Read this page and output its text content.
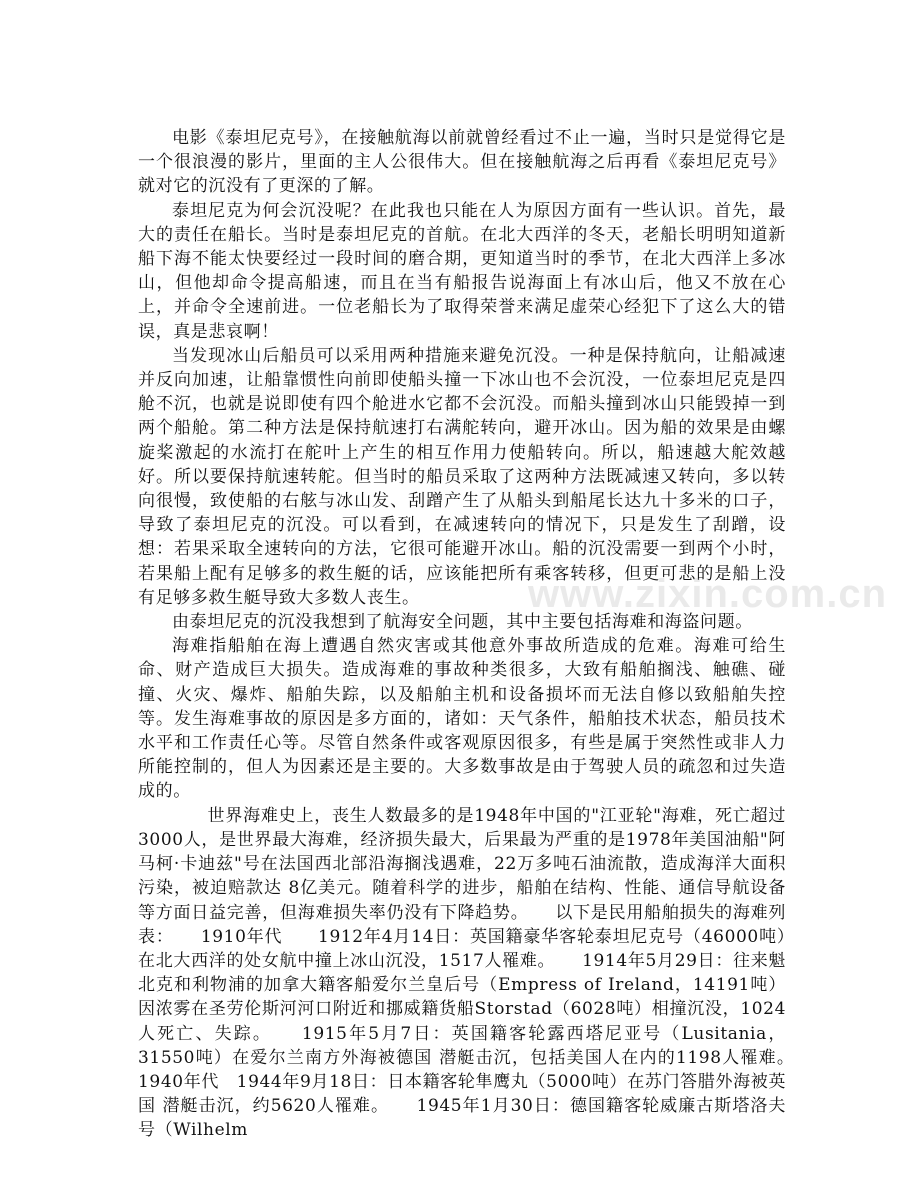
电影《泰坦尼克号》，在接触航海以前就曾经看过不止一遍，当时只是觉得它是一个很浪漫的影片，里面的主人公很伟大。但在接触航海之后再看《泰坦尼克号》就对它的沉没有了更深的了解。

泰坦尼克为何会沉没呢？在此我也只能在人为原因方面有一些认识。首先，最大的责任在船长。当时是泰坦尼克的首航。在北大西洋的冬天，老船长明明知道新船下海不能太快要经过一段时间的磨合期，更知道当时的季节，在北大西洋上多冰山，但他却命令提高船速，而且在当有船报告说海面上有冰山后，他又不放在心上，并命令全速前进。一位老船长为了取得荣誉来满足虚荣心经犯下了这么大的错误，真是悲哀啊！

当发现冰山后船员可以采用两种措施来避免沉没。一种是保持航向，让船减速并反向加速，让船靠惯性向前即使船头撞一下冰山也不会沉没，一位泰坦尼克是四舱不沉，也就是说即使有四个舱进水它都不会沉没。而船头撞到冰山只能毁掉一到两个船舱。第二种方法是保持航速打右满舵转向，避开冰山。因为船的效果是由螺旋桨激起的水流打在舵叶上产生的相互作用力使船转向。所以，船速越大舵效越好。所以要保持航速转舵。但当时的船员采取了这两种方法既减速又转向，多以转向很慢，致使船的右舷与冰山发、刮蹭产生了从船头到船尾长达九十多米的口子，导致了泰坦尼克的沉没。可以看到，在减速转向的情况下，只是发生了刮蹭，设想：若果采取全速转向的方法，它很可能避开冰山。船的沉没需要一到两个小时，若果船上配有足够多的救生艇的话，应该能把所有乘客转移，但更可悲的是船上没有足够多救生艇导致大多数人丧生。

由泰坦尼克的沉没我想到了航海安全问题，其中主要包括海难和海盗问题。

海难指船舶在海上遭遇自然灾害或其他意外事故所造成的危难。海难可给生命、财产造成巨大损失。造成海难的事故种类很多，大致有船舶搁浅、触礁、碰撞、火灾、爆炸、船舶失踪，以及船舶主机和设备损坏而无法自修以致船舶失控等。发生海难事故的原因是多方面的，诸如：天气条件，船舶技术状态，船员技术水平和工作责任心等。尽管自然条件或客观原因很多，有些是属于突然性或非人力所能控制的，但人为因素还是主要的。大多数事故是由于驾驶人员的疏忽和过失造成的。

　　世界海难史上，丧生人数最多的是1948年中国的"江亚轮"海难，死亡超过3000人，是世界最大海难，经济损失最大，后果最为严重的是1978年美国油船"阿马柯·卡迪兹"号在法国西北部沿海搁浅遇难，22万多吨石油流散，造成海洋大面积污染，被迫赔款达 8亿美元。随着科学的进步，船舶在结构、性能、通信导航设备等方面日益完善，但海难损失率仍没有下降趋势。　　以下是民用船舶损失的海难列表：　　1910年代　　1912年4月14日：英国籍豪华客轮泰坦尼克号（46000吨）在北大西洋的处女航中撞上冰山沉没，1517人罹难。　　1914年5月29日：往来魁北克和利物浦的加拿大籍客船爱尔兰皇后号（Empress of Ireland，14191吨）因浓雾在圣劳伦斯河河口附近和挪威籍货船Storstad（6028吨）相撞沉没，1024人死亡、失踪。　　1915年5月7日：英国籍客轮露西塔尼亚号（Lusitania，31550吨）在爱尔兰南方外海被德国 潜艇击沉，包括美国人在内的1198人罹难。　　1940年代　1944年9月18日：日本籍客轮隼鹰丸（5000吨）在苏门答腊外海被英国 潜艇击沉，约5620人罹难。　　1945年1月30日：德国籍客轮威廉古斯塔洛夫号（Wilhelm

www.zixin.com.cn
